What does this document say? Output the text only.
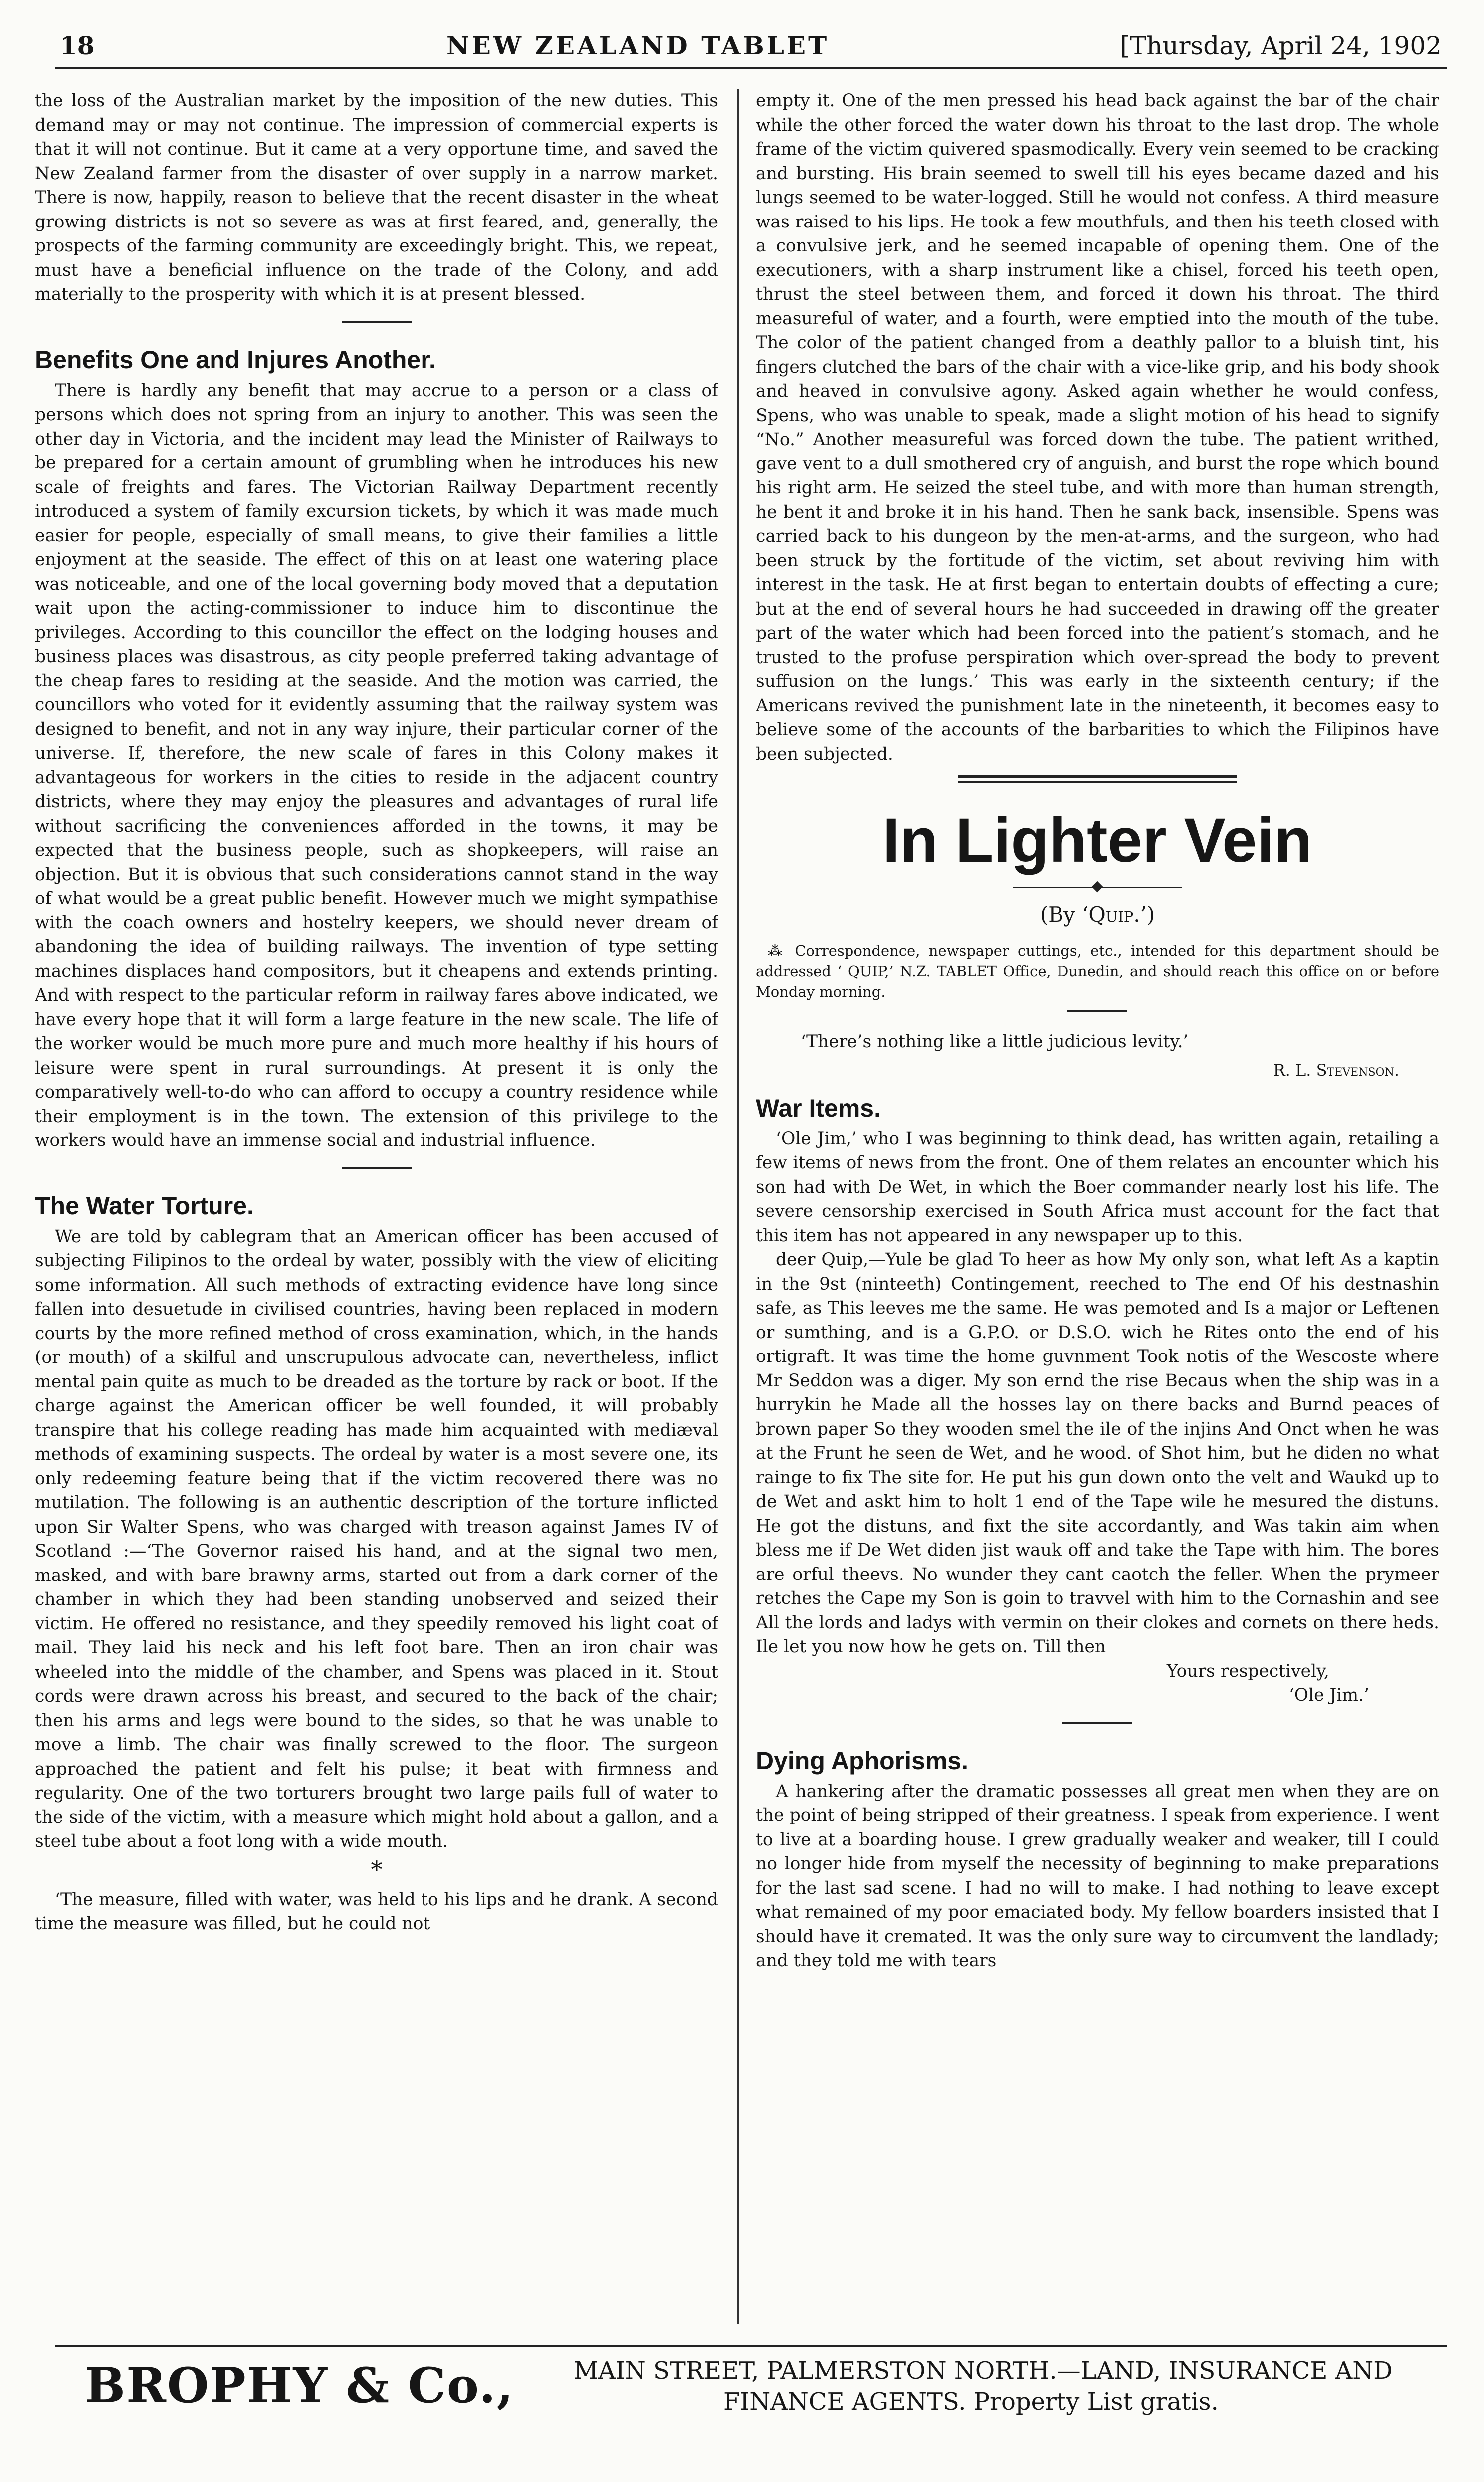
18	NEW ZEALAND TABLET	[Thursday, April 24, 1902

the loss of the Australian market by the imposition of the new duties. This demand may or may not continue. The impression of commercial experts is that it will not continue. But it came at a very opportune time, and saved the New Zealand farmer from the disaster of over supply in a narrow market. There is now, happily, reason to believe that the recent disaster in the wheat growing districts is not so severe as was at first feared, and, generally, the prospects of the farming community are exceedingly bright. This, we repeat, must have a beneficial influence on the trade of the Colony, and add materially to the prosperity with which it is at present blessed.

Benefits One and Injures Another.

There is hardly any benefit that may accrue to a person or a class of persons which does not spring from an injury to another. This was seen the other day in Victoria, and the incident may lead the Minister of Railways to be prepared for a certain amount of grumbling when he introduces his new scale of freights and fares. The Victorian Railway Department recently introduced a system of family excursion tickets, by which it was made much easier for people, especially of small means, to give their families a little enjoyment at the seaside. The effect of this on at least one watering place was noticeable, and one of the local governing body moved that a deputation wait upon the acting-commissioner to induce him to discontinue the privileges. According to this councillor the effect on the lodging houses and business places was disastrous, as city people preferred taking advantage of the cheap fares to residing at the seaside. And the motion was carried, the councillors who voted for it evidently assuming that the railway system was designed to benefit, and not in any way injure, their particular corner of the universe. If, therefore, the new scale of fares in this Colony makes it advantageous for workers in the cities to reside in the adjacent country districts, where they may enjoy the pleasures and advantages of rural life without sacrificing the conveniences afforded in the towns, it may be expected that the business people, such as shopkeepers, will raise an objection. But it is obvious that such considerations cannot stand in the way of what would be a great public benefit. However much we might sympathise with the coach owners and hostelry keepers, we should never dream of abandoning the idea of building railways. The invention of type setting machines displaces hand compositors, but it cheapens and extends printing. And with respect to the particular reform in railway fares above indicated, we have every hope that it will form a large feature in the new scale. The life of the worker would be much more pure and much more healthy if his hours of leisure were spent in rural surroundings. At present it is only the comparatively well-to-do who can afford to occupy a country residence while their employment is in the town. The extension of this privilege to the workers would have an immense social and industrial influence.

The Water Torture.

We are told by cablegram that an American officer has been accused of subjecting Filipinos to the ordeal by water, possibly with the view of eliciting some information. All such methods of extracting evidence have long since fallen into desuetude in civilised countries, having been replaced in modern courts by the more refined method of cross examination, which, in the hands (or mouth) of a skilful and unscrupulous advocate can, nevertheless, inflict mental pain quite as much to be dreaded as the torture by rack or boot. If the charge against the American officer be well founded, it will probably transpire that his college reading has made him acquainted with mediæval methods of examining suspects. The ordeal by water is a most severe one, its only redeeming feature being that if the victim recovered there was no mutilation. The following is an authentic description of the torture inflicted upon Sir Walter Spens, who was charged with treason against James IV of Scotland :—‘The Governor raised his hand, and at the signal two men, masked, and with bare brawny arms, started out from a dark corner of the chamber in which they had been standing unobserved and seized their victim. He offered no resistance, and they speedily removed his light coat of mail. They laid his neck and his left foot bare. Then an iron chair was wheeled into the middle of the chamber, and Spens was placed in it. Stout cords were drawn across his breast, and secured to the back of the chair; then his arms and legs were bound to the sides, so that he was unable to move a limb. The chair was finally screwed to the floor. The surgeon approached the patient and felt his pulse; it beat with firmness and regularity. One of the two torturers brought two large pails full of water to the side of the victim, with a measure which might hold about a gallon, and a steel tube about a foot long with a wide mouth.

*

‘The measure, filled with water, was held to his lips and he drank. A second time the measure was filled, but he could not

empty it. One of the men pressed his head back against the bar of the chair while the other forced the water down his throat to the last drop. The whole frame of the victim quivered spasmodically. Every vein seemed to be cracking and bursting. His brain seemed to swell till his eyes became dazed and his lungs seemed to be water-logged. Still he would not confess. A third measure was raised to his lips. He took a few mouthfuls, and then his teeth closed with a convulsive jerk, and he seemed incapable of opening them. One of the executioners, with a sharp instrument like a chisel, forced his teeth open, thrust the steel between them, and forced it down his throat. The third measureful of water, and a fourth, were emptied into the mouth of the tube. The color of the patient changed from a deathly pallor to a bluish tint, his fingers clutched the bars of the chair with a vice-like grip, and his body shook and heaved in convulsive agony. Asked again whether he would confess, Spens, who was unable to speak, made a slight motion of his head to signify “No.” Another measureful was forced down the tube. The patient writhed, gave vent to a dull smothered cry of anguish, and burst the rope which bound his right arm. He seized the steel tube, and with more than human strength, he bent it and broke it in his hand. Then he sank back, insensible. Spens was carried back to his dungeon by the men-at-arms, and the surgeon, who had been struck by the fortitude of the victim, set about reviving him with interest in the task. He at first began to entertain doubts of effecting a cure; but at the end of several hours he had succeeded in drawing off the greater part of the water which had been forced into the patient’s stomach, and he trusted to the profuse perspiration which over-spread the body to prevent suffusion on the lungs.’ This was early in the sixteenth century; if the Americans revived the punishment late in the nineteenth, it becomes easy to believe some of the accounts of the barbarities to which the Filipinos have been subjected.

In Lighter Vein
(By ‘Quip.’)

⁂ Correspondence, newspaper cuttings, etc., intended for this department should be addressed ‘ QUIP,’ N.Z. TABLET Office, Dunedin, and should reach this office on or before Monday morning.

‘There’s nothing like a little judicious levity.’

R. L. Stevenson.
War Items.

‘Ole Jim,’ who I was beginning to think dead, has written again, retailing a few items of news from the front. One of them relates an encounter which his son had with De Wet, in which the Boer commander nearly lost his life. The severe censorship exercised in South Africa must account for the fact that this item has not appeared in any newspaper up to this.

deer Quip,—Yule be glad To heer as how My only son, what left As a kaptin in the 9st (ninteeth) Contingement, reeched to The end Of his destnashin safe, as This leeves me the same. He was pemoted and Is a major or Leftenen or sumthing, and is a G.P.O. or D.S.O. wich he Rites onto the end of his ortigraft. It was time the home guvnment Took notis of the Wescoste where Mr Seddon was a diger. My son ernd the rise Becaus when the ship was in a hurrykin he Made all the hosses lay on there backs and Burnd peaces of brown paper So they wooden smel the ile of the injins And Onct when he was at the Frunt he seen de Wet, and he wood. of Shot him, but he diden no what rainge to fix The site for. He put his gun down onto the velt and Waukd up to de Wet and askt him to holt 1 end of the Tape wile he mesured the distuns. He got the distuns, and fixt the site accordantly, and Was takin aim when bless me if De Wet diden jist wauk off and take the Tape with him. The bores are orful theevs. No wunder they cant caotch the feller. When the prymeer retches the Cape my Son is goin to travvel with him to the Cornashin and see All the lords and ladys with vermin on their clokes and cornets on there heds. Ile let you now how he gets on. Till then

Yours respectively,

‘Ole Jim.’

Dying Aphorisms.

A hankering after the dramatic possesses all great men when they are on the point of being stripped of their greatness. I speak from experience. I went to live at a boarding house. I grew gradually weaker and weaker, till I could no longer hide from myself the necessity of beginning to make preparations for the last sad scene. I had no will to make. I had nothing to leave except what remained of my poor emaciated body. My fellow boarders insisted that I should have it cremated. It was the only sure way to circumvent the landlady; and they told me with tears

BROPHY & Co., MAIN STREET, PALMERSTON NORTH.—LAND, INSURANCE AND
FINANCE AGENTS. Property List gratis.
